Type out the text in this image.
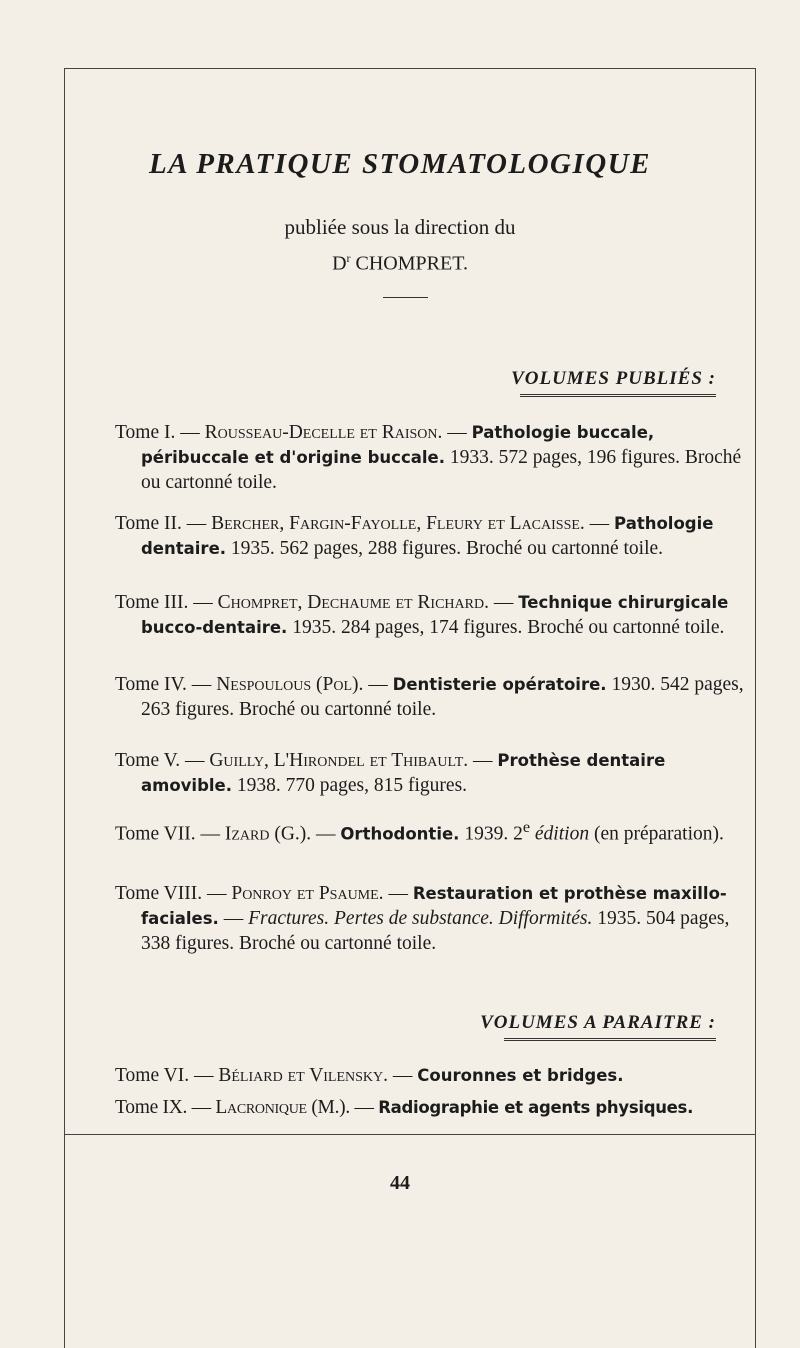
LA PRATIQUE STOMATOLOGIQUE

publiée sous la direction du

$D^r$ CHOMPRET.

VOLUMES PUBLIÉS :

Tome I. — Rousseau-Decelle et Raison. — Pathologie buccale, péribuccale et d'origine buccale. 1933. 572 pages, 196 figures. Broché ou cartonné toile.

Tome II. — Bercher, Fargin-Fayolle, Fleury et Lacaisse. — Pathologie dentaire. 1935. 562 pages, 288 figures. Broché ou cartonné toile.

Tome III. — Chompret, Dechaume et Richard. — Technique chirurgicale bucco-dentaire. 1935. 284 pages, 174 figures. Broché ou cartonné toile.

Tome IV. — Nespoulous (Pol). — Dentisterie opératoire. 1930. 542 pages, 263 figures. Broché ou cartonné toile.

Tome V. — Guilly, L'Hirondel et Thibault. — Prothèse dentaire amovible. 1938. 770 pages, 815 figures.

Tome VII. — Izard (G.). — Orthodontie. 1939. 2e édition (en préparation).

Tome VIII. — Ponroy et Psaume. — Restauration et prothèse maxillo-faciales. — Fractures. Pertes de substance. Difformités. 1935. 504 pages, 338 figures. Broché ou cartonné toile.

VOLUMES A PARAITRE :

Tome VI. — Béliard et Vilensky. — Couronnes et bridges.

Tome IX. — Lacronique (M.). — Radiographie et agents physiques.

44
